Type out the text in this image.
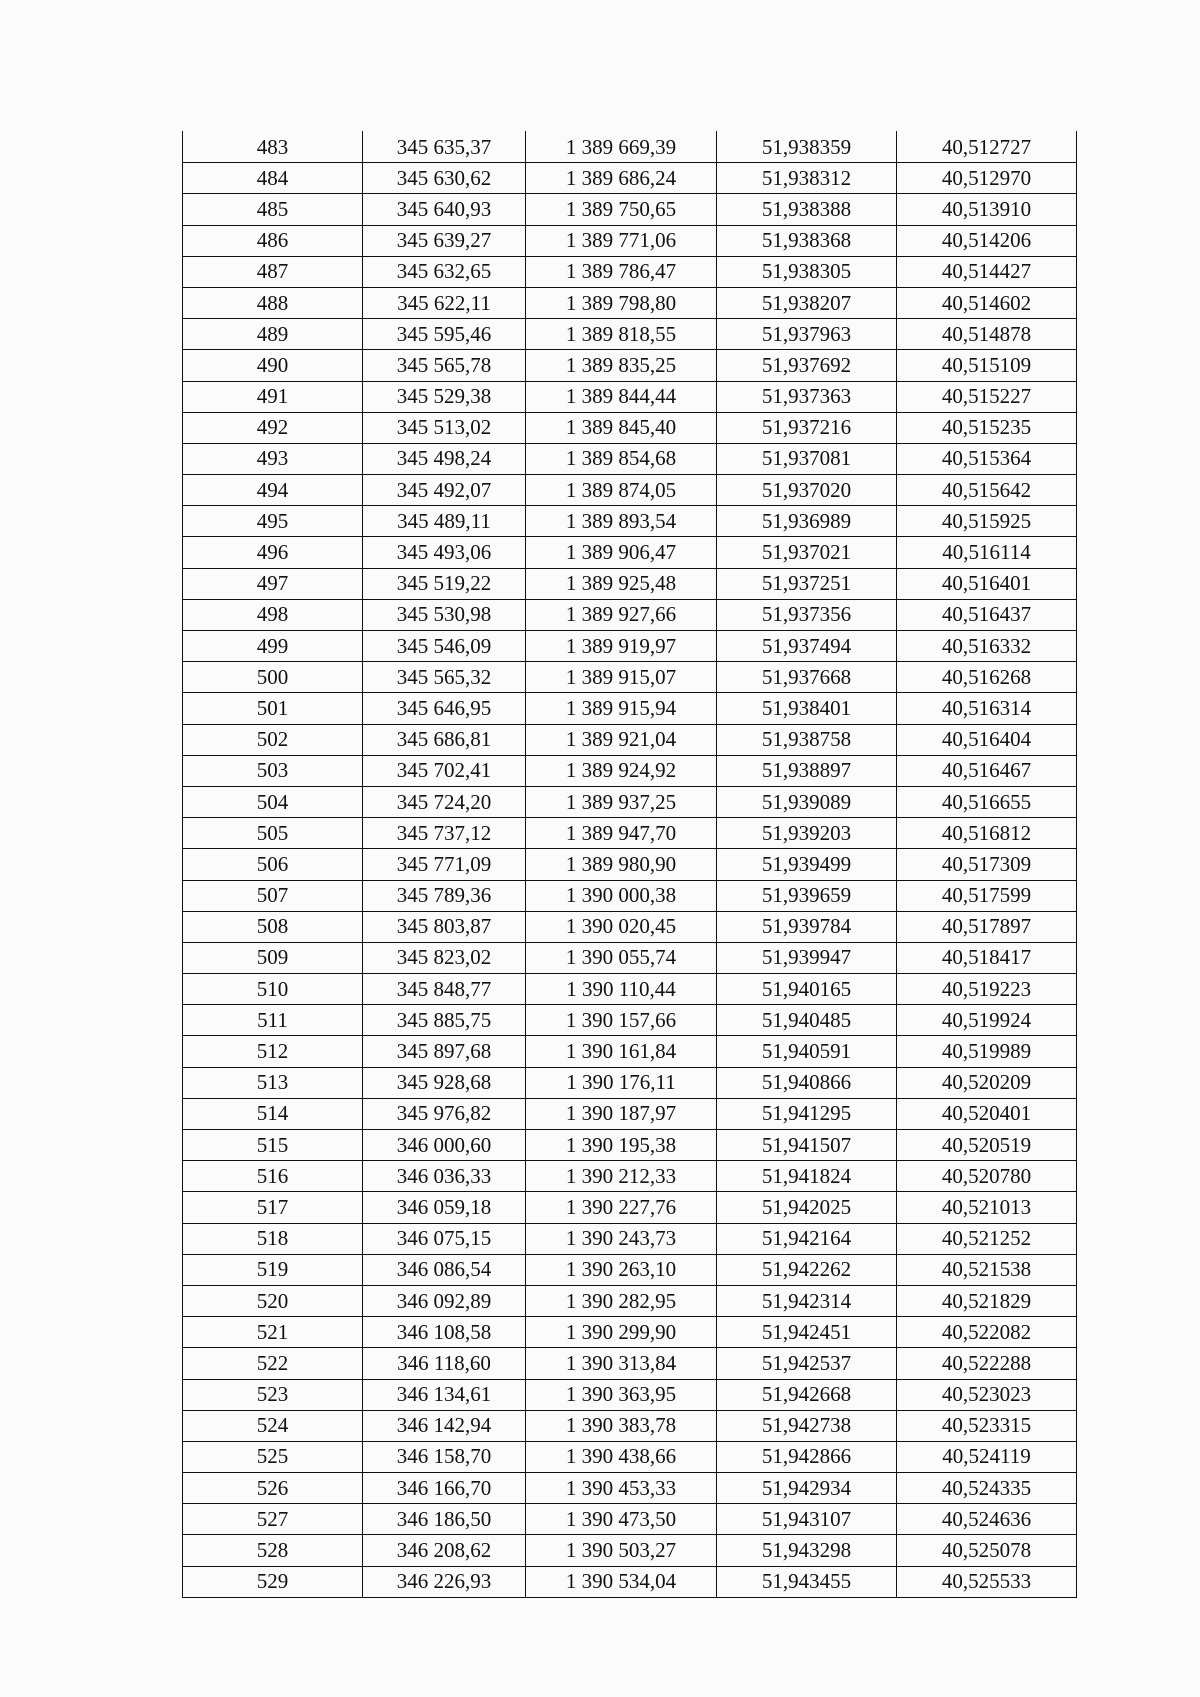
483	345 635,37	1 389 669,39	51,938359	40,512727
484	345 630,62	1 389 686,24	51,938312	40,512970
485	345 640,93	1 389 750,65	51,938388	40,513910
486	345 639,27	1 389 771,06	51,938368	40,514206
487	345 632,65	1 389 786,47	51,938305	40,514427
488	345 622,11	1 389 798,80	51,938207	40,514602
489	345 595,46	1 389 818,55	51,937963	40,514878
490	345 565,78	1 389 835,25	51,937692	40,515109
491	345 529,38	1 389 844,44	51,937363	40,515227
492	345 513,02	1 389 845,40	51,937216	40,515235
493	345 498,24	1 389 854,68	51,937081	40,515364
494	345 492,07	1 389 874,05	51,937020	40,515642
495	345 489,11	1 389 893,54	51,936989	40,515925
496	345 493,06	1 389 906,47	51,937021	40,516114
497	345 519,22	1 389 925,48	51,937251	40,516401
498	345 530,98	1 389 927,66	51,937356	40,516437
499	345 546,09	1 389 919,97	51,937494	40,516332
500	345 565,32	1 389 915,07	51,937668	40,516268
501	345 646,95	1 389 915,94	51,938401	40,516314
502	345 686,81	1 389 921,04	51,938758	40,516404
503	345 702,41	1 389 924,92	51,938897	40,516467
504	345 724,20	1 389 937,25	51,939089	40,516655
505	345 737,12	1 389 947,70	51,939203	40,516812
506	345 771,09	1 389 980,90	51,939499	40,517309
507	345 789,36	1 390 000,38	51,939659	40,517599
508	345 803,87	1 390 020,45	51,939784	40,517897
509	345 823,02	1 390 055,74	51,939947	40,518417
510	345 848,77	1 390 110,44	51,940165	40,519223
511	345 885,75	1 390 157,66	51,940485	40,519924
512	345 897,68	1 390 161,84	51,940591	40,519989
513	345 928,68	1 390 176,11	51,940866	40,520209
514	345 976,82	1 390 187,97	51,941295	40,520401
515	346 000,60	1 390 195,38	51,941507	40,520519
516	346 036,33	1 390 212,33	51,941824	40,520780
517	346 059,18	1 390 227,76	51,942025	40,521013
518	346 075,15	1 390 243,73	51,942164	40,521252
519	346 086,54	1 390 263,10	51,942262	40,521538
520	346 092,89	1 390 282,95	51,942314	40,521829
521	346 108,58	1 390 299,90	51,942451	40,522082
522	346 118,60	1 390 313,84	51,942537	40,522288
523	346 134,61	1 390 363,95	51,942668	40,523023
524	346 142,94	1 390 383,78	51,942738	40,523315
525	346 158,70	1 390 438,66	51,942866	40,524119
526	346 166,70	1 390 453,33	51,942934	40,524335
527	346 186,50	1 390 473,50	51,943107	40,524636
528	346 208,62	1 390 503,27	51,943298	40,525078
529	346 226,93	1 390 534,04	51,943455	40,525533
